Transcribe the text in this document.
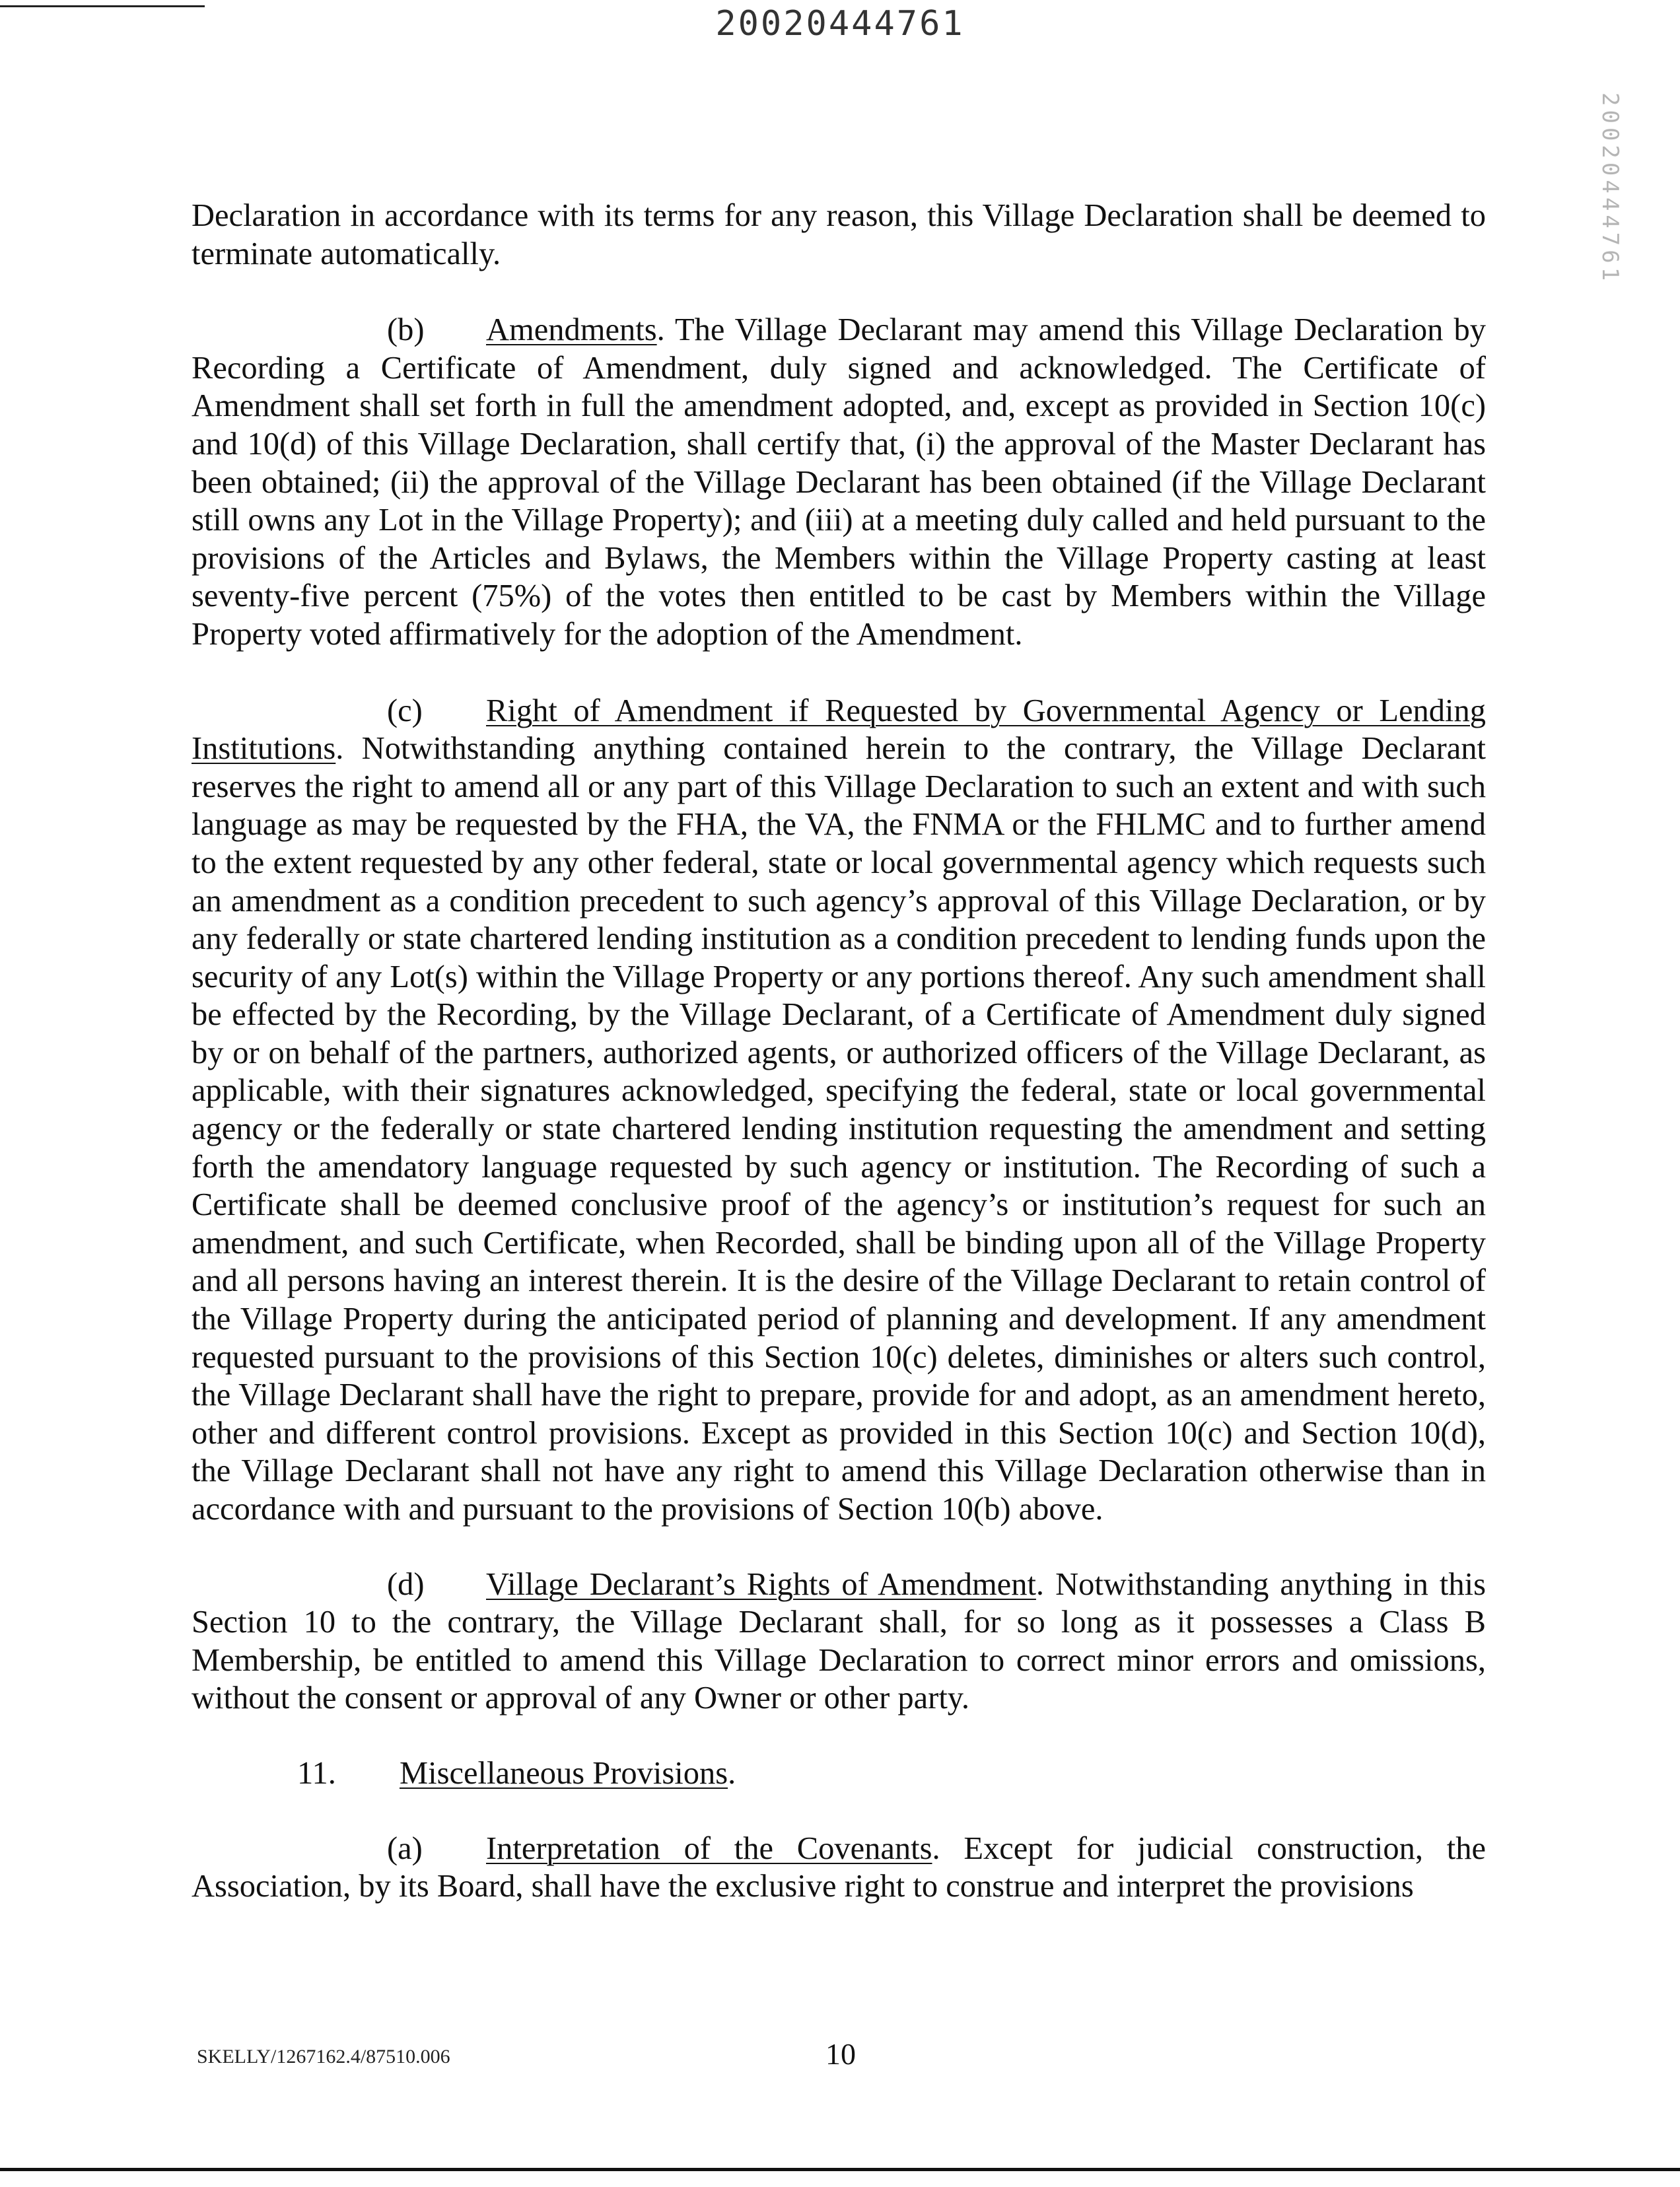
20020444761
20020444761

Declaration in accordance with its terms for any reason, this Village Declaration shall be deemed to terminate automatically.

(b) Amendments. The Village Declarant may amend this Village Declaration by Recording a Certificate of Amendment, duly signed and acknowledged. The Certificate of Amendment shall set forth in full the amendment adopted, and, except as provided in Section 10(c) and 10(d) of this Village Declaration, shall certify that, (i) the approval of the Master Declarant has been obtained; (ii) the approval of the Village Declarant has been obtained (if the Village Declarant still owns any Lot in the Village Property); and (iii) at a meeting duly called and held pursuant to the provisions of the Articles and Bylaws, the Members within the Village Property casting at least seventy-five percent (75%) of the votes then entitled to be cast by Members within the Village Property voted affirmatively for the adoption of the Amendment.

(c) Right of Amendment if Requested by Governmental Agency or Lending Institutions. Notwithstanding anything contained herein to the contrary, the Village Declarant reserves the right to amend all or any part of this Village Declaration to such an extent and with such language as may be requested by the FHA, the VA, the FNMA or the FHLMC and to further amend to the extent requested by any other federal, state or local governmental agency which requests such an amendment as a condition precedent to such agency’s approval of this Village Declaration, or by any federally or state chartered lending institution as a condition precedent to lending funds upon the security of any Lot(s) within the Village Property or any portions thereof. Any such amendment shall be effected by the Recording, by the Village Declarant, of a Certificate of Amendment duly signed by or on behalf of the partners, authorized agents, or authorized officers of the Village Declarant, as applicable, with their signatures acknowledged, specifying the federal, state or local governmental agency or the federally or state chartered lending institution requesting the amendment and setting forth the amendatory language requested by such agency or institution. The Recording of such a Certificate shall be deemed conclusive proof of the agency’s or institution’s request for such an amendment, and such Certificate, when Recorded, shall be binding upon all of the Village Property and all persons having an interest therein. It is the desire of the Village Declarant to retain control of the Village Property during the anticipated period of planning and development. If any amendment requested pursuant to the provisions of this Section 10(c) deletes, diminishes or alters such control, the Village Declarant shall have the right to prepare, provide for and adopt, as an amendment hereto, other and different control provisions. Except as provided in this Section 10(c) and Section 10(d), the Village Declarant shall not have any right to amend this Village Declaration otherwise than in accordance with and pursuant to the provisions of Section 10(b) above.

(d) Village Declarant’s Rights of Amendment. Notwithstanding anything in this Section 10 to the contrary, the Village Declarant shall, for so long as it possesses a Class B Membership, be entitled to amend this Village Declaration to correct minor errors and omissions, without the consent or approval of any Owner or other party.

11. Miscellaneous Provisions.

(a) Interpretation of the Covenants. Except for judicial construction, the Association, by its Board, shall have the exclusive right to construe and interpret the provisions

SKELLY/1267162.4/87510.006	10
